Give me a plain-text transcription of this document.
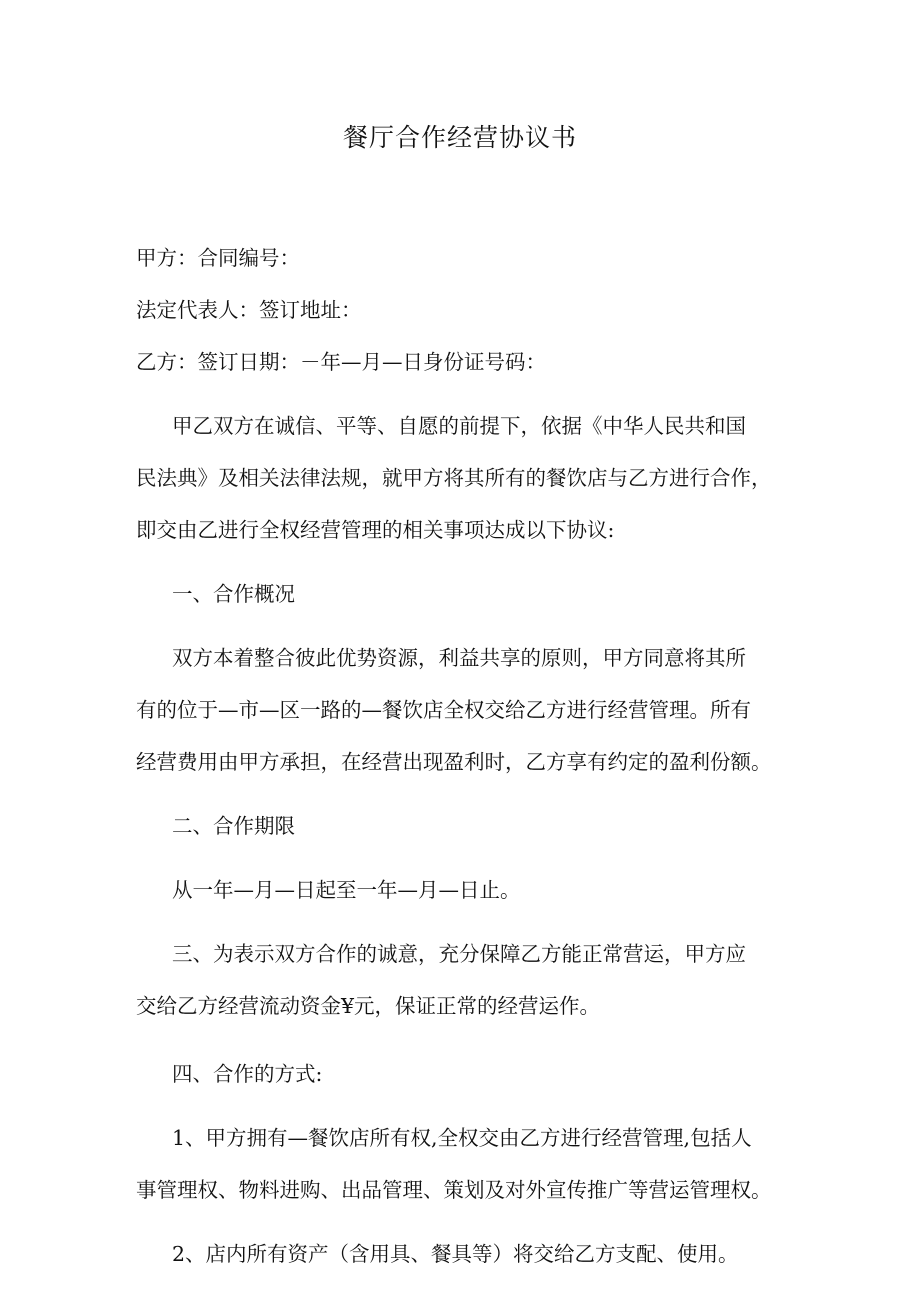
餐厅合作经营协议书
甲方：合同编号：
法定代表人：签订地址：
乙方：签订日期：－年—月—日身份证号码：
甲乙双方在诚信、平等、自愿的前提下，依据《中华人民共和国
民法典》及相关法律法规，就甲方将其所有的餐饮店与乙方进行合作，
即交由乙进行全权经营管理的相关事项达成以下协议:
一、合作概况
双方本着整合彼此优势资源，利益共享的原则，甲方同意将其所
有的位于—市—区一路的—餐饮店全权交给乙方进行经营管理。所有
经营费用由甲方承担，在经营出现盈利时，乙方享有约定的盈利份额。
二、合作期限
从一年—月—日起至一年—月—日止。
三、为表示双方合作的诚意，充分保障乙方能正常营运，甲方应
交给乙方经营流动资金¥元，保证正常的经营运作。
四、合作的方式:
1、甲方拥有—餐饮店所有权,全权交由乙方进行经营管理,包括人
事管理权、物料进购、出品管理、策划及对外宣传推广等营运管理权。
2、店内所有资产（含用具、餐具等）将交给乙方支配、使用。
